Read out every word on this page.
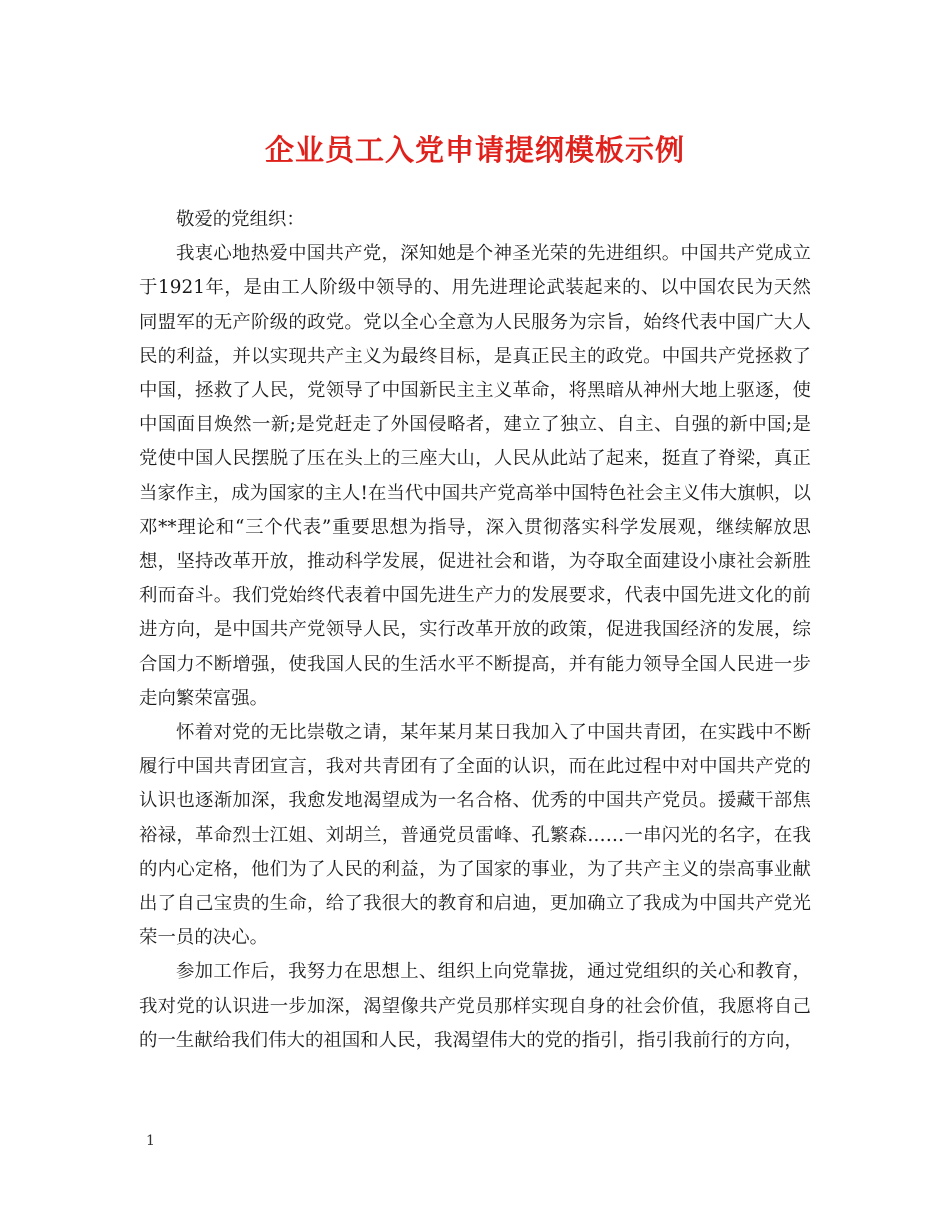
企业员工入党申请提纲模板示例

敬爱的党组织：

我衷心地热爱中国共产党，深知她是个神圣光荣的先进组织。中国共产党成立于1921年，是由工人阶级中领导的、用先进理论武装起来的、以中国农民为天然同盟军的无产阶级的政党。党以全心全意为人民服务为宗旨，始终代表中国广大人民的利益，并以实现共产主义为最终目标，是真正民主的政党。中国共产党拯救了中国，拯救了人民，党领导了中国新民主主义革命，将黑暗从神州大地上驱逐，使中国面目焕然一新;是党赶走了外国侵略者，建立了独立、自主、自强的新中国;是党使中国人民摆脱了压在头上的三座大山，人民从此站了起来，挺直了脊梁，真正当家作主，成为国家的主人!在当代中国共产党高举中国特色社会主义伟大旗帜，以邓**理论和“三个代表”重要思想为指导，深入贯彻落实科学发展观，继续解放思想，坚持改革开放，推动科学发展，促进社会和谐，为夺取全面建设小康社会新胜利而奋斗。我们党始终代表着中国先进生产力的发展要求，代表中国先进文化的前进方向，是中国共产党领导人民，实行改革开放的政策，促进我国经济的发展，综合国力不断增强，使我国人民的生活水平不断提高，并有能力领导全国人民进一步走向繁荣富强。

怀着对党的无比崇敬之请，某年某月某日我加入了中国共青团，在实践中不断履行中国共青团宣言，我对共青团有了全面的认识，而在此过程中对中国共产党的认识也逐渐加深，我愈发地渴望成为一名合格、优秀的中国共产党员。援藏干部焦裕禄，革命烈士江姐、刘胡兰，普通党员雷峰、孔繁森……一串闪光的名字，在我的内心定格，他们为了人民的利益，为了国家的事业，为了共产主义的崇高事业献出了自己宝贵的生命，给了我很大的教育和启迪，更加确立了我成为中国共产党光荣一员的决心。

参加工作后，我努力在思想上、组织上向党靠拢，通过党组织的关心和教育，我对党的认识进一步加深，渴望像共产党员那样实现自身的社会价值，我愿将自己的一生献给我们伟大的祖国和人民，我渴望伟大的党的指引，指引我前行的方向，

1
